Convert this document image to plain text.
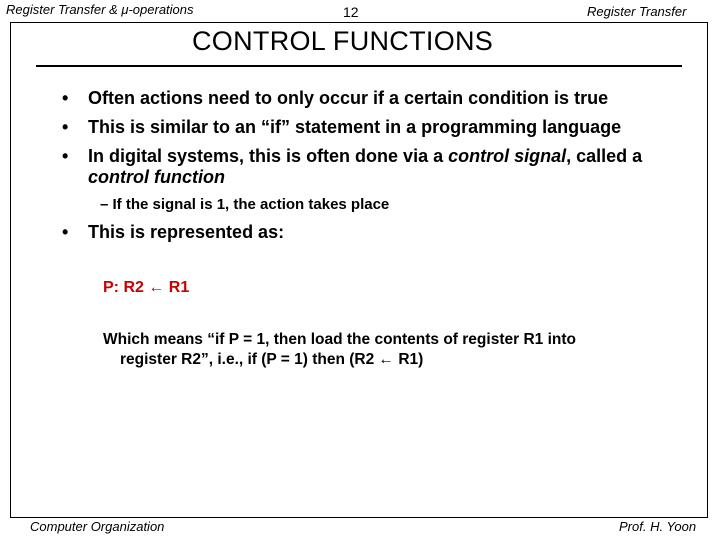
Register Transfer & μ-operations	12	Register Transfer
CONTROL FUNCTIONS
• Often actions need to only occur if a certain condition is true
• This is similar to an “if” statement in a programming language
• In digital systems, this is often done via a control signal, called a control function
– If the signal is 1, the action takes place
• This is represented as:
P: R2 ← R1
Which means “if P = 1, then load the contents of register R1 into
register R2”, i.e., if (P = 1) then (R2 ← R1)
Computer Organization	Prof. H. Yoon
